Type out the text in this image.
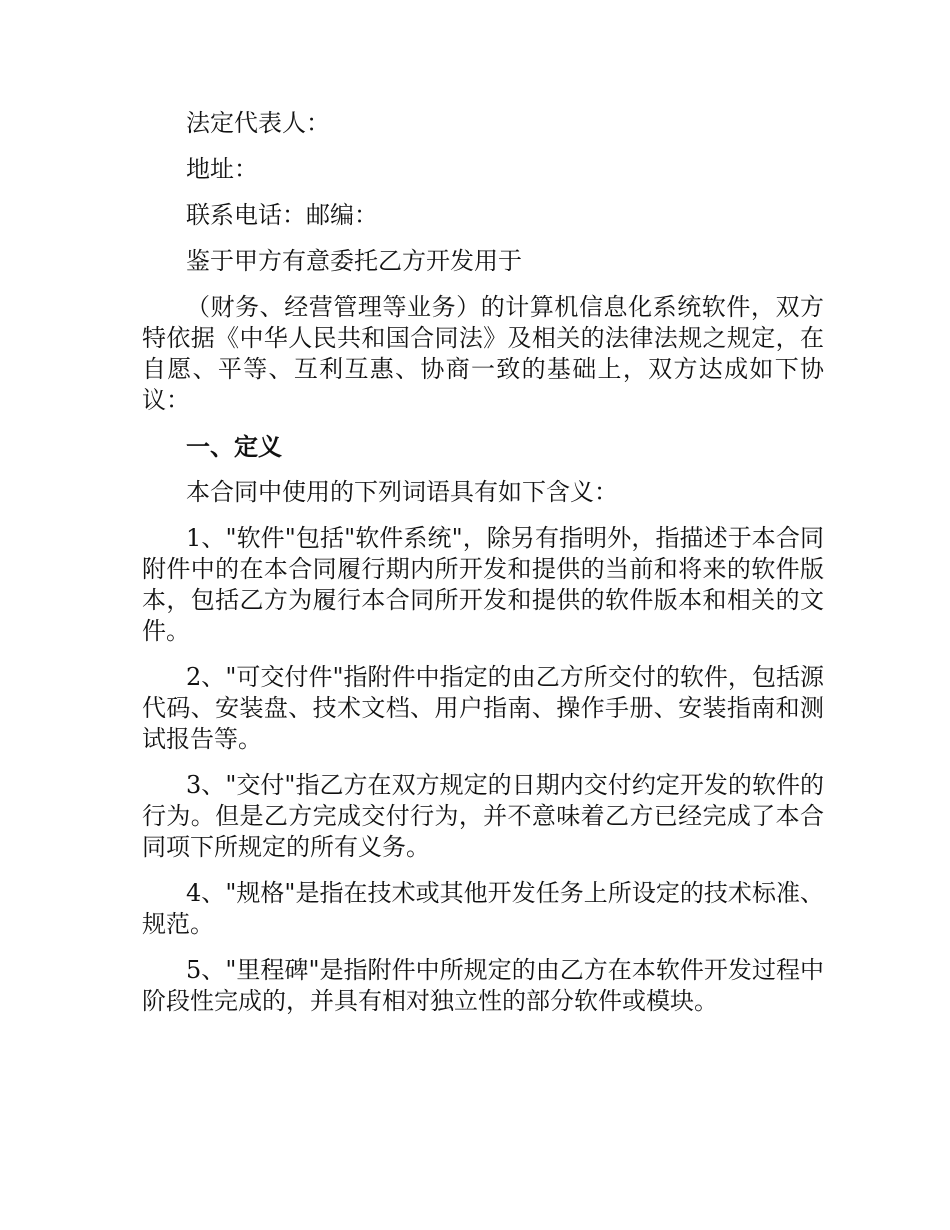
法定代表人：

地址：

联系电话：邮编：

鉴于甲方有意委托乙方开发用于

（财务、经营管理等业务）的计算机信息化系统软件，双方特依据《中华人民共和国合同法》及相关的法律法规之规定，在自愿、平等、互利互惠、协商一致的基础上，双方达成如下协议：

一、定义

本合同中使用的下列词语具有如下含义：

1、"软件"包括"软件系统"，除另有指明外，指描述于本合同附件中的在本合同履行期内所开发和提供的当前和将来的软件版本，包括乙方为履行本合同所开发和提供的软件版本和相关的文件。

2、"可交付件"指附件中指定的由乙方所交付的软件，包括源代码、安装盘、技术文档、用户指南、操作手册、安装指南和测试报告等。

3、"交付"指乙方在双方规定的日期内交付约定开发的软件的行为。但是乙方完成交付行为，并不意味着乙方已经完成了本合同项下所规定的所有义务。

4、"规格"是指在技术或其他开发任务上所设定的技术标准、规范。

5、"里程碑"是指附件中所规定的由乙方在本软件开发过程中阶段性完成的，并具有相对独立性的部分软件或模块。
